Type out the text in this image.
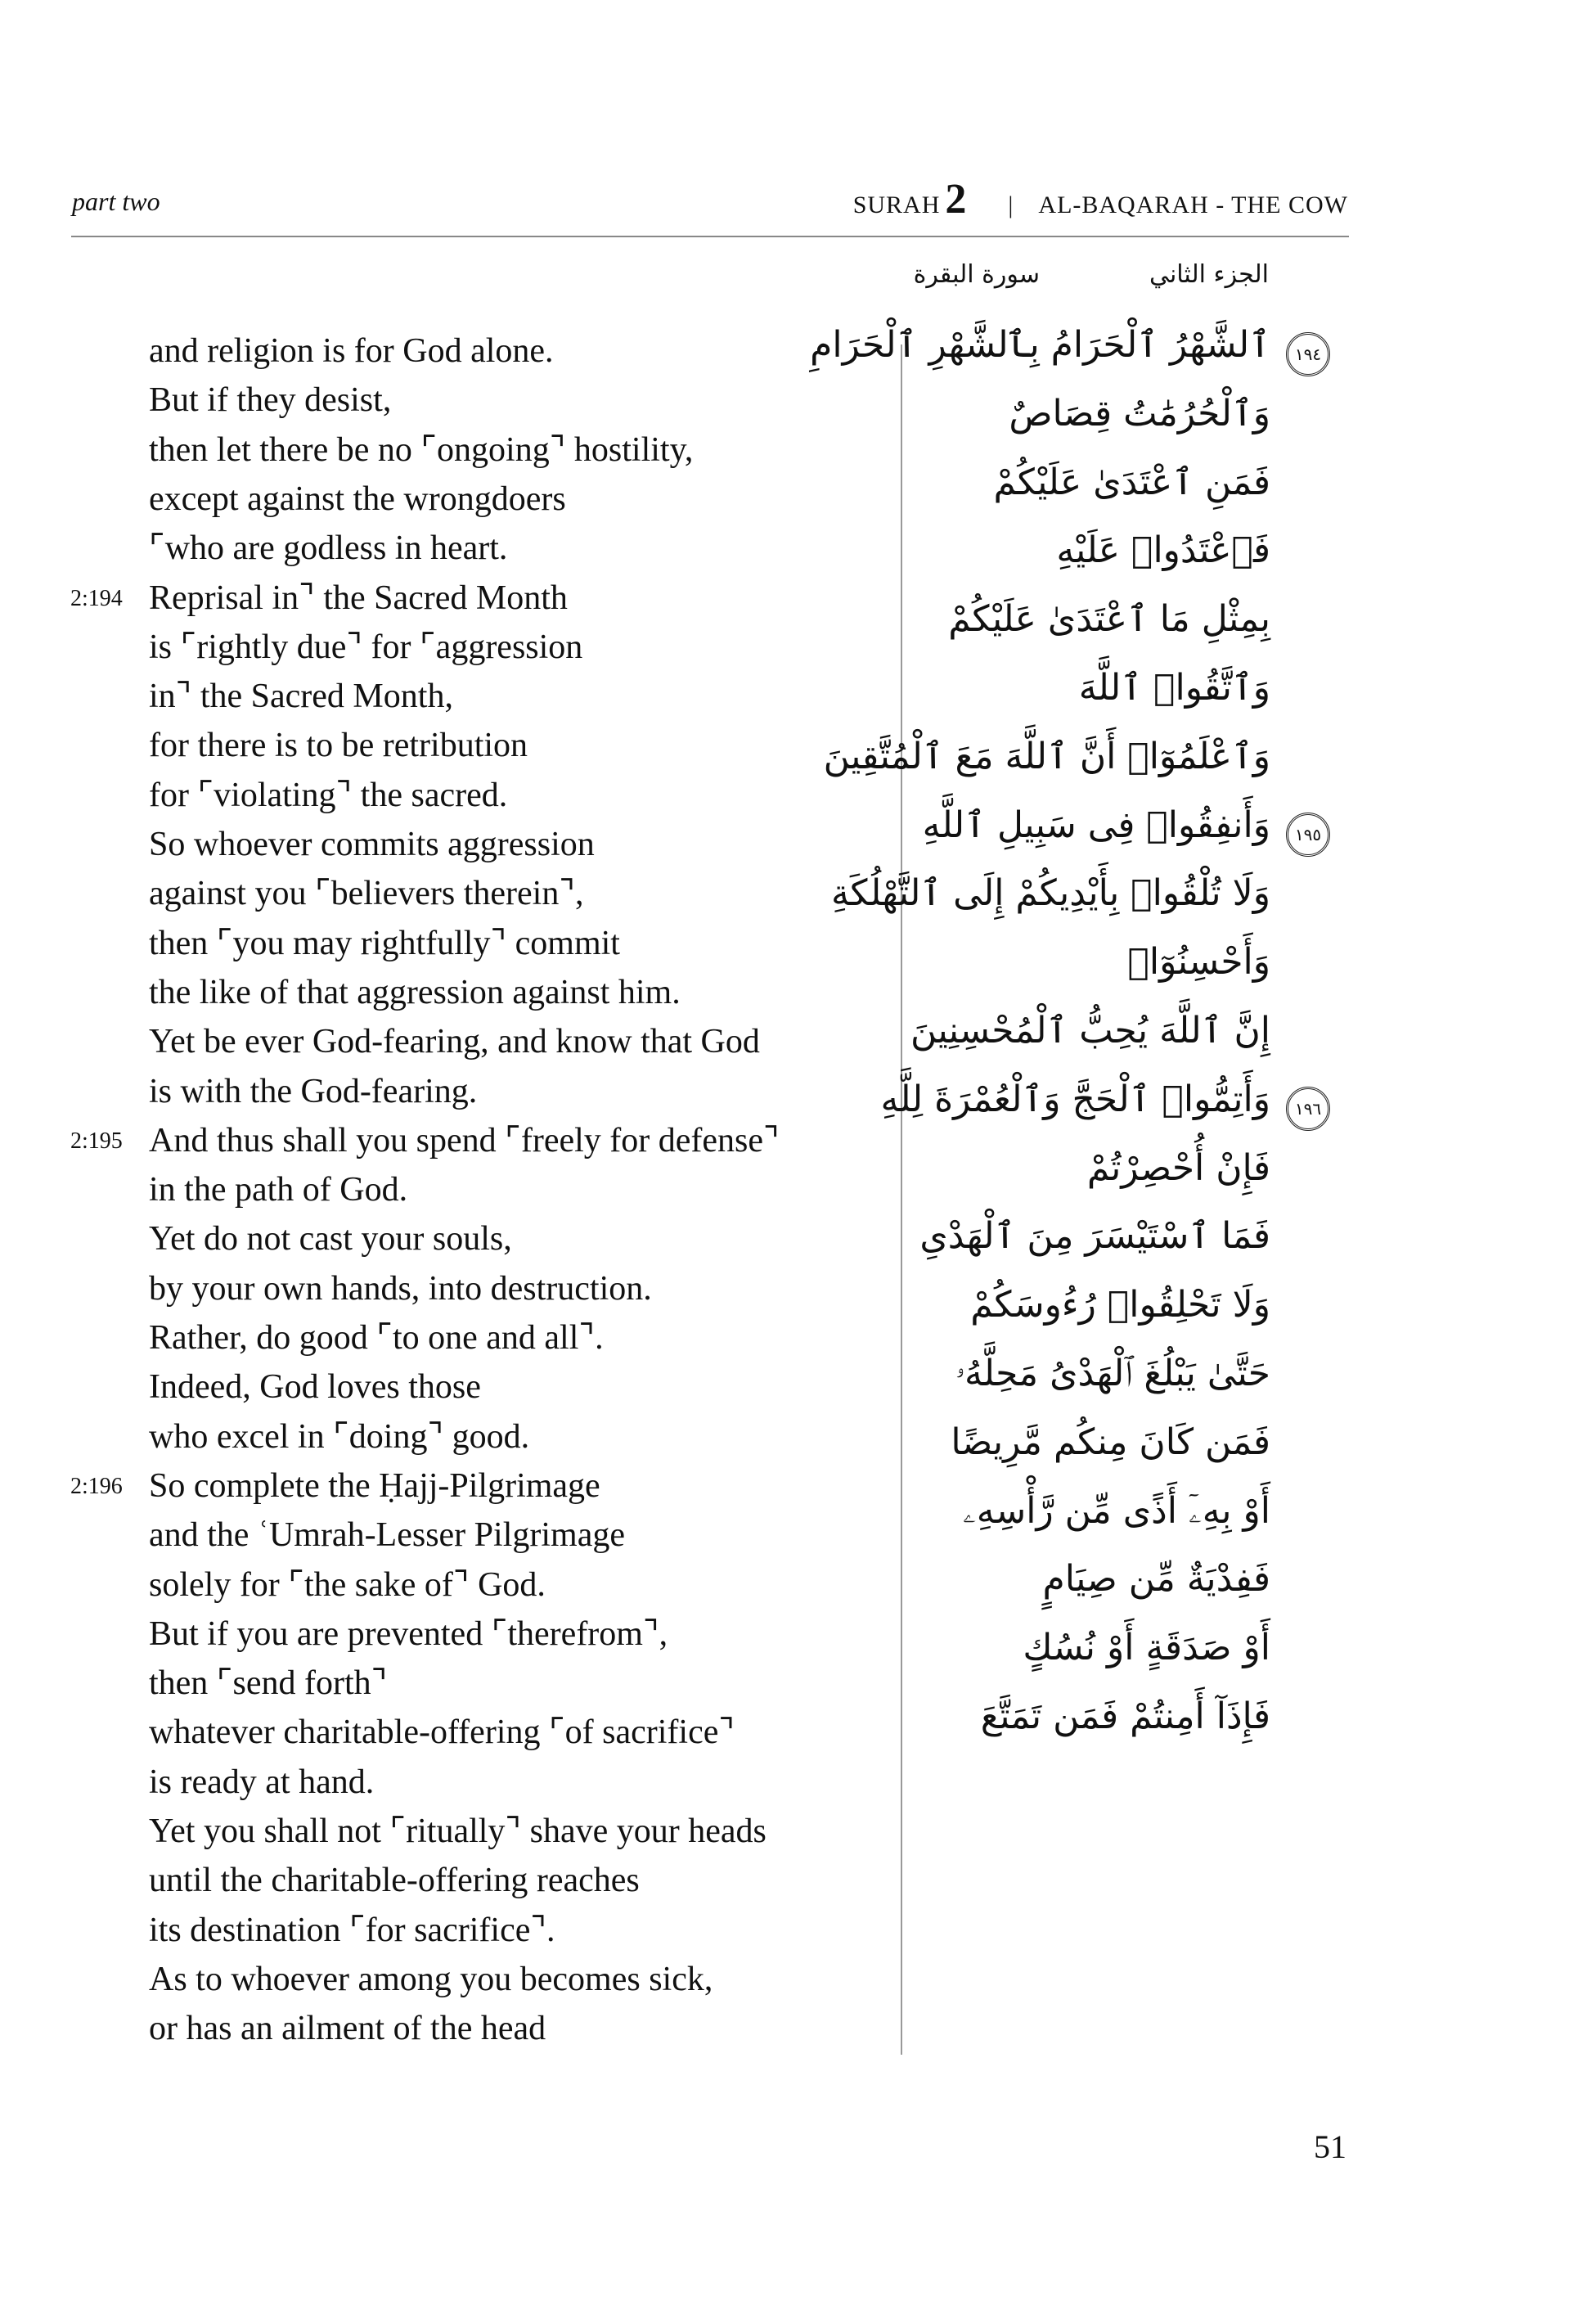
part two	SURAH 2 | AL-BAQARAH - THE COW
الجزء الثاني
سورة البقرة
and religion is for God alone.
But if they desist,
then let there be no ⌜ongoing⌝ hostility,
except against the wrongdoers
⌜who are godless in heart.
Reprisal in⌝ the Sacred Month
is ⌜rightly due⌝ for ⌜aggression
in⌝ the Sacred Month,
for there is to be retribution
for ⌜violating⌝ the sacred.
So whoever commits aggression
against you ⌜believers therein⌝,
then ⌜you may rightfully⌝ commit
the like of that aggression against him.
Yet be ever God-fearing, and know that God
is with the God-fearing.
And thus shall you spend ⌜freely for defense⌝
in the path of God.
Yet do not cast your souls,
by your own hands, into destruction.
Rather, do good ⌜to one and all⌝.
Indeed, God loves those
who excel in ⌜doing⌝ good.
So complete the Ḥajj-Pilgrimage
and the ʿUmrah-Lesser Pilgrimage
solely for ⌜the sake of⌝ God.
But if you are prevented ⌜therefrom⌝,
then ⌜send forth⌝
whatever charitable-offering ⌜of sacrifice⌝
is ready at hand.
Yet you shall not ⌜ritually⌝ shave your heads
until the charitable-offering reaches
its destination ⌜for sacrifice⌝.
As to whoever among you becomes sick,
or has an ailment of the head
2:194
2:195
2:196
ٱلشَّهْرُ ٱلْحَرَامُ بِٱلشَّهْرِ ٱلْحَرَامِ
وَٱلْحُرُمَٰتُ قِصَاصٌ
فَمَنِ ٱعْتَدَىٰ عَلَيْكُمْ
فَٱعْتَدُوا۟ عَلَيْهِ
بِمِثْلِ مَا ٱعْتَدَىٰ عَلَيْكُمْ
وَٱتَّقُوا۟ ٱللَّهَ
وَٱعْلَمُوٓا۟ أَنَّ ٱللَّهَ مَعَ ٱلْمُتَّقِينَ
وَأَنفِقُوا۟ فِى سَبِيلِ ٱللَّهِ
وَلَا تُلْقُوا۟ بِأَيْدِيكُمْ إِلَى ٱلتَّهْلُكَةِ
وَأَحْسِنُوٓا۟
إِنَّ ٱللَّهَ يُحِبُّ ٱلْمُحْسِنِينَ
وَأَتِمُّوا۟ ٱلْحَجَّ وَٱلْعُمْرَةَ لِلَّهِ
فَإِنْ أُحْصِرْتُمْ
فَمَا ٱسْتَيْسَرَ مِنَ ٱلْهَدْىِ
وَلَا تَحْلِقُوا۟ رُءُوسَكُمْ
حَتَّىٰ يَبْلُغَ ٱلْهَدْىُ مَحِلَّهُۥ
فَمَن كَانَ مِنكُم مَّرِيضًا
أَوْ بِهِۦٓ أَذًى مِّن رَّأْسِهِۦ
فَفِدْيَةٌ مِّن صِيَامٍ
أَوْ صَدَقَةٍ أَوْ نُسُكٍ
فَإِذَآ أَمِنتُمْ فَمَن تَمَتَّعَ
١٩٤
١٩٥
١٩٦
51
